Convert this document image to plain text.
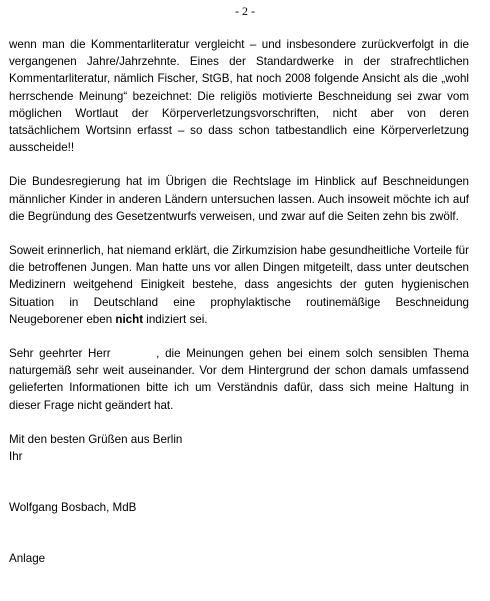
- 2 -

wenn man die Kommentarliteratur vergleicht – und insbesondere zurückverfolgt in die vergangenen Jahre/Jahrzehnte. Eines der Standardwerke in der strafrechtlichen Kommentarliteratur, nämlich Fischer, StGB, hat noch 2008 folgende Ansicht als die „wohl herrschende Meinung“ bezeichnet: Die religiös motivierte Beschneidung sei zwar vom möglichen Wortlaut der Körperverletzungsvorschriften, nicht aber von deren tatsächlichem Wortsinn erfasst – so dass schon tatbestandlich eine Körperverletzung ausscheide!!

Die Bundesregierung hat im Übrigen die Rechtslage im Hinblick auf Beschneidungen männlicher Kinder in anderen Ländern untersuchen lassen. Auch insoweit möchte ich auf die Begründung des Gesetzentwurfs verweisen, und zwar auf die Seiten zehn bis zwölf.

Soweit erinnerlich, hat niemand erklärt, die Zirkumzision habe gesundheitliche Vorteile für die betroffenen Jungen. Man hatte uns vor allen Dingen mitgeteilt, dass unter deutschen Medizinern weitgehend Einigkeit bestehe, dass angesichts der guten hygienischen Situation in Deutschland eine prophylaktische routinemäßige Beschneidung Neugeborener eben nicht indiziert sei.

Sehr geehrter Herr        , die Meinungen gehen bei einem solch sensiblen Thema naturgemäß sehr weit auseinander. Vor dem Hintergrund der schon damals umfassend gelieferten Informationen bitte ich um Verständnis dafür, dass sich meine Haltung in dieser Frage nicht geändert hat.

Mit den besten Grüßen aus Berlin

Ihr

Wolfgang Bosbach, MdB

Anlage
